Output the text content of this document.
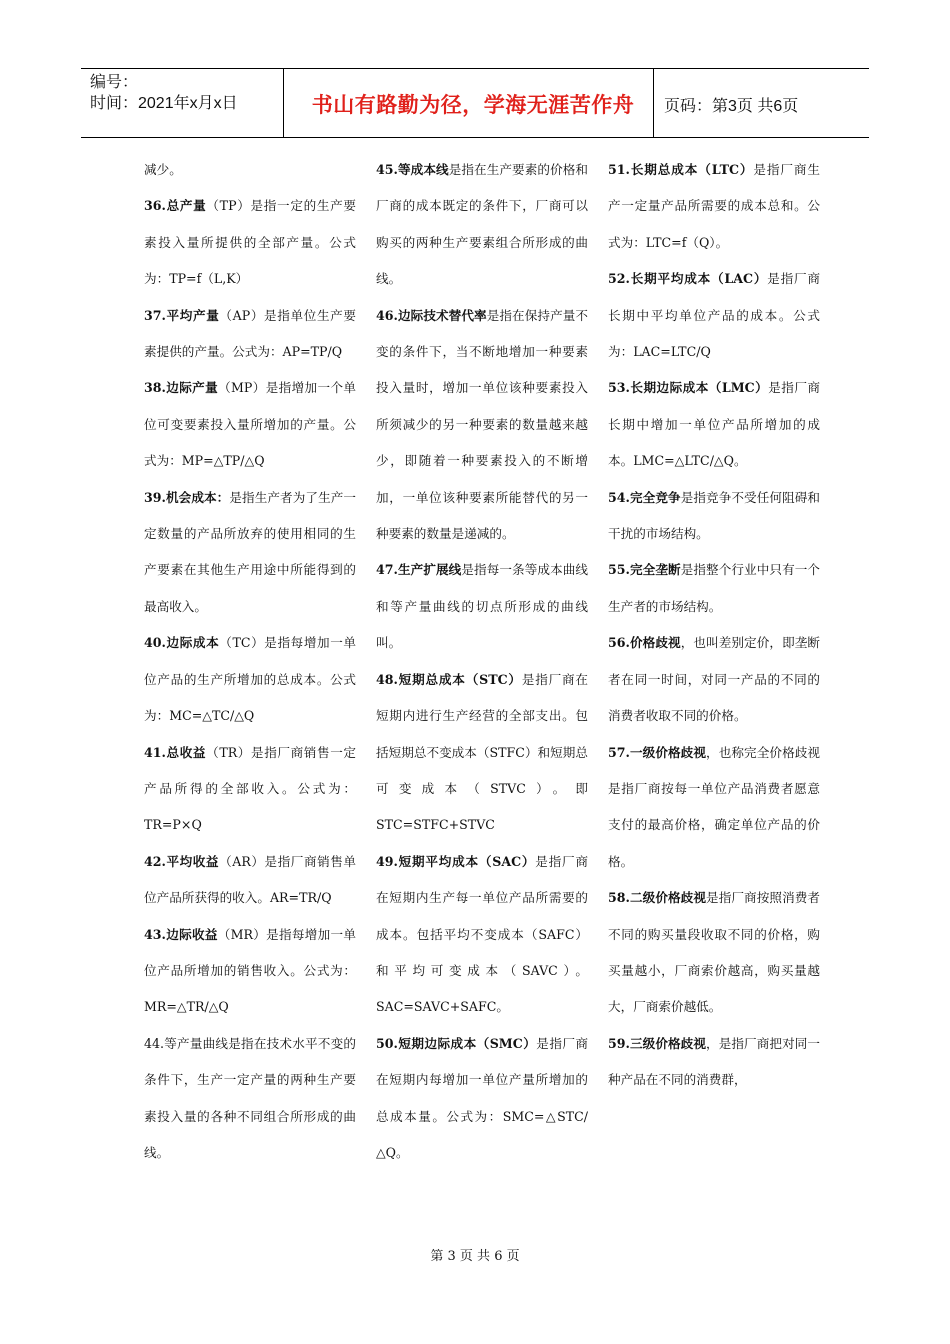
编号：
时间：2021年x月x日	书山有路勤为径，学海无涯苦作舟	页码：第3页 共6页

减少。

36.总产量（TP）是指一定的生产要素投入量所提供的全部产量。公式为：TP=f（L,K）

37.平均产量（AP）是指单位生产要素提供的产量。公式为：AP=TP/Q

38.边际产量（MP）是指增加一个单位可变要素投入量所增加的产量。公式为：MP=△TP/△Q

39.机会成本：是指生产者为了生产一定数量的产品所放弃的使用相同的生产要素在其他生产用途中所能得到的最高收入。

40.边际成本（TC）是指每增加一单位产品的生产所增加的总成本。公式为：MC=△TC/△Q

41.总收益（TR）是指厂商销售一定产品所得的全部收入。公式为：TR=P×Q

42.平均收益（AR）是指厂商销售单位产品所获得的收入。AR=TR/Q

43.边际收益（MR）是指每增加一单位产品所增加的销售收入。公式为：MR=△TR/△Q

44.等产量曲线是指在技术水平不变的条件下，生产一定产量的两种生产要素投入量的各种不同组合所形成的曲线。

45.等成本线是指在生产要素的价格和厂商的成本既定的条件下，厂商可以购买的两种生产要素组合所形成的曲线。

46.边际技术替代率是指在保持产量不变的条件下，当不断地增加一种要素投入量时，增加一单位该种要素投入所须减少的另一种要素的数量越来越少，即随着一种要素投入的不断增加，一单位该种要素所能替代的另一种要素的数量是递减的。

47.生产扩展线是指每一条等成本曲线和等产量曲线的切点所形成的曲线叫。

48.短期总成本（STC）是指厂商在短期内进行生产经营的全部支出。包括短期总不变成本（STFC）和短期总可变成本（STVC）。即STC=STFC+STVC

49.短期平均成本（SAC）是指厂商在短期内生产每一单位产品所需要的成本。包括平均不变成本（SAFC）和平均可变成本（SAVC）。SAC=SAVC+SAFC。

50.短期边际成本（SMC）是指厂商在短期内每增加一单位产量所增加的总成本量。公式为：SMC=△STC/△Q。

51.长期总成本（LTC）是指厂商生产一定量产品所需要的成本总和。公式为：LTC=f（Q）。

52.长期平均成本（LAC）是指厂商长期中平均单位产品的成本。公式为：LAC=LTC/Q

53.长期边际成本（LMC）是指厂商长期中增加一单位产品所增加的成本。LMC=△LTC/△Q。

54.完全竞争是指竞争不受任何阻碍和干扰的市场结构。

55.完全垄断是指整个行业中只有一个生产者的市场结构。

56.价格歧视，也叫差别定价，即垄断者在同一时间，对同一产品的不同的消费者收取不同的价格。

57.一级价格歧视，也称完全价格歧视是指厂商按每一单位产品消费者愿意支付的最高价格，确定单位产品的价格。

58.二级价格歧视是指厂商按照消费者不同的购买量段收取不同的价格，购买量越小，厂商索价越高，购买量越大，厂商索价越低。

59.三级价格歧视，是指厂商把对同一种产品在不同的消费群，

第 3 页 共 6 页
